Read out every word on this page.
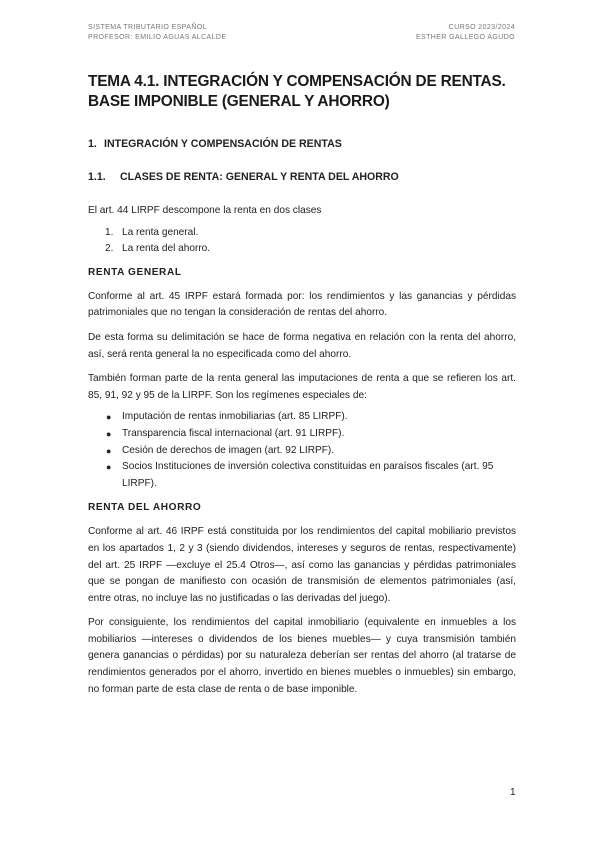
SISTEMA TRIBUTARIO ESPAÑOL
PROFESOR: EMILIO AGUAS ALCALDE
CURSO 2023/2024
ESTHER GALLEGO AGUDO
TEMA 4.1. INTEGRACIÓN Y COMPENSACIÓN DE RENTAS. BASE IMPONIBLE (GENERAL Y AHORRO)
1. INTEGRACIÓN Y COMPENSACIÓN DE RENTAS
1.1. CLASES DE RENTA: GENERAL Y RENTA DEL AHORRO

El art. 44 LIRPF descompone la renta en dos clases

1. La renta general.
2. La renta del ahorro.
RENTA GENERAL

Conforme al art. 45 IRPF estará formada por: los rendimientos y las ganancias y pérdidas patrimoniales que no tengan la consideración de rentas del ahorro.

De esta forma su delimitación se hace de forma negativa en relación con la renta del ahorro, así, será renta general la no especificada como del ahorro.

También forman parte de la renta general las imputaciones de renta a que se refieren los art. 85, 91, 92 y 95 de la LIRPF. Son los regímenes especiales de:

● Imputación de rentas inmobiliarias (art. 85 LIRPF).
● Transparencia fiscal internacional (art. 91 LIRPF).
● Cesión de derechos de imagen (art. 92 LIRPF).
● Socios Instituciones de inversión colectiva constituidas en paraísos fiscales (art. 95 LIRPF).
RENTA DEL AHORRO

Conforme al art. 46 IRPF está constituida por los rendimientos del capital mobiliario previstos en los apartados 1, 2 y 3 (siendo dividendos, intereses y seguros de rentas, respectivamente) del art. 25 IRPF —excluye el 25.4 Otros—, así como las ganancias y pérdidas patrimoniales que se pongan de manifiesto con ocasión de transmisión de elementos patrimoniales (así, entre otras, no incluye las no justificadas o las derivadas del juego).

Por consiguiente, los rendimientos del capital inmobiliario (equivalente en inmuebles a los mobiliarios —intereses o dividendos de los bienes muebles— y cuya transmisión también genera ganancias o pérdidas) por su naturaleza deberían ser rentas del ahorro (al tratarse de rendimientos generados por el ahorro, invertido en bienes muebles o inmuebles) sin embargo, no forman parte de esta clase de renta o de base imponible.

1
